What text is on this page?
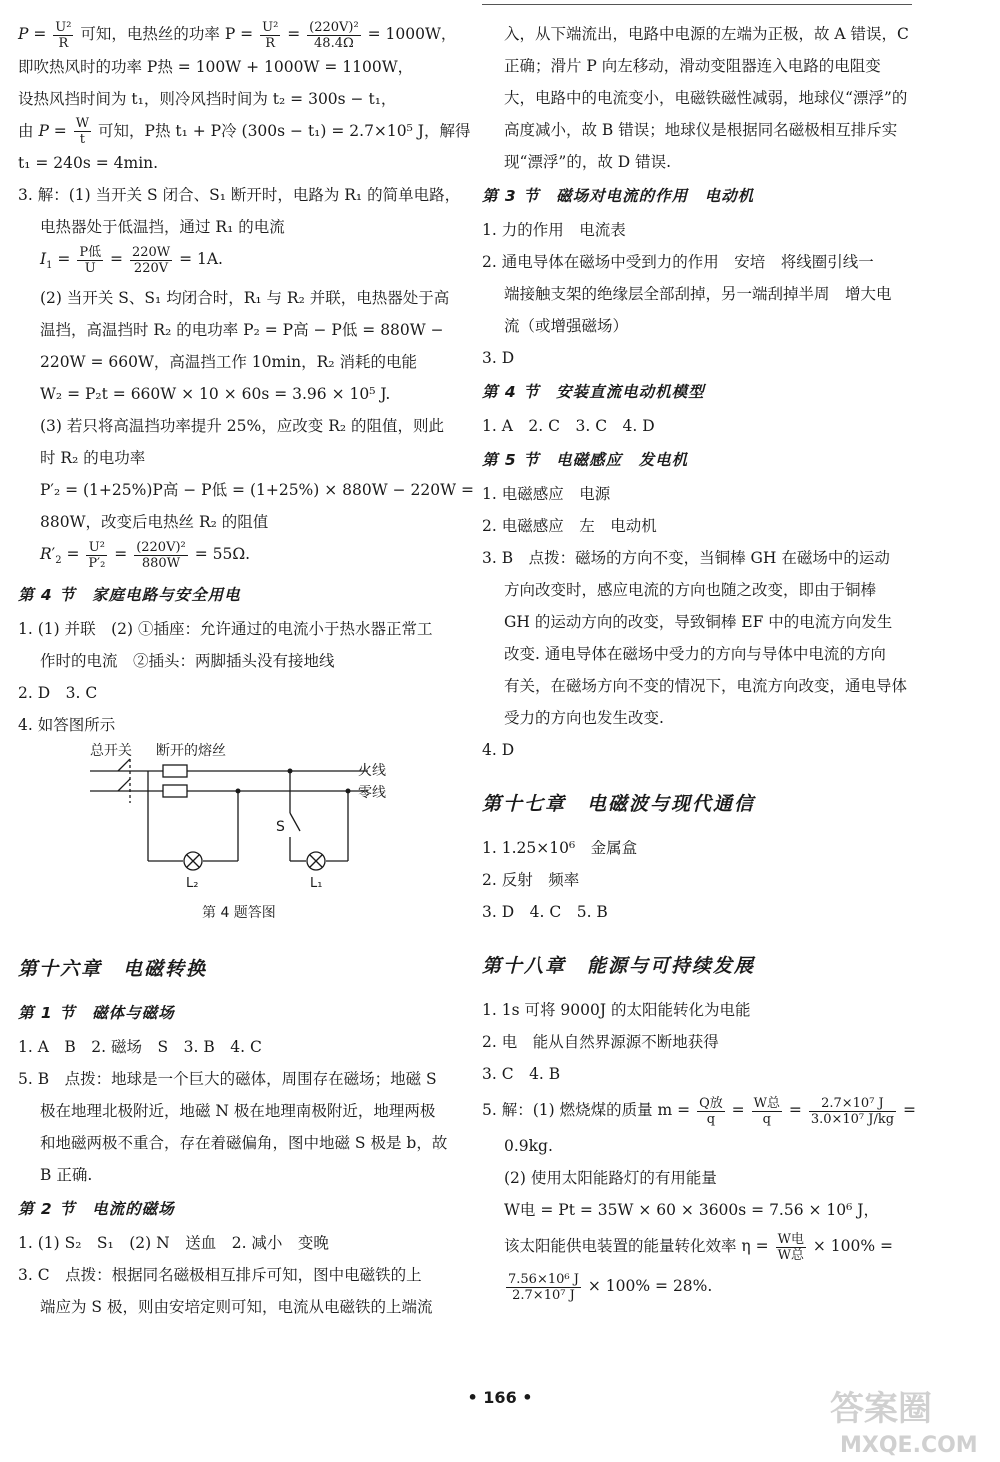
$P = \frac{\text{U²}}{R}$ 可知，电热丝的功率 $P = \frac{\text{U²}}{R} = \frac{\text{(220V)²}}{48.4\Omega} = 1000W$，
即吹热风时的功率 P热 = 100W + 1000W = 1100W，
设热风挡时间为 t₁，则冷风挡时间为 t₂ = 300s − t₁，
由 $P = \frac{W}{t}$ 可知，P热 t₁ + P冷 (300s − t₁) = 2.7×10⁵ J，解得
t₁ = 240s = 4min.
3. 解：(1) 当开关 S 闭合、S₁ 断开时，电路为 R₁ 的简单电路，
电热器处于低温挡，通过 R₁ 的电流
$I_1 = \frac{\text{P低}}{U} = \frac{220W}{220V} = 1A$.
(2) 当开关 S、S₁ 均闭合时，R₁ 与 R₂ 并联，电热器处于高
温挡，高温挡时 R₂ 的电功率 P₂ = P高 − P低 = 880W −
220W = 660W，高温挡工作 10min，R₂ 消耗的电能
W₂ = P₂t = 660W × 10 × 60s = 3.96 × 10⁵ J.
(3) 若只将高温挡功率提升 25%，应改变 R₂ 的阻值，则此
时 R₂ 的电功率
P′₂ = (1+25%)P高 − P低 = (1+25%) × 880W − 220W =
880W，改变后电热丝 R₂ 的阻值
$R'_2 = \frac{\text{U²}}{\text{P′₂}} = \frac{\text{(220V)²}}{880W} = 55\Omega$.
第 4 节　家庭电路与安全用电
1. (1) 并联　(2) ①插座：允许通过的电流小于热水器正常工
作时的电流　②插头：两脚插头没有接地线
2. D　3. C
4. 如答图所示
总开关 断开的熔丝
火线
零线
S
L₂	L₁
第 4 题答图
第十六章　电磁转换
第 1 节　磁体与磁场
1. A　B　2. 磁场　S　3. B　4. C
5. B　点拨：地球是一个巨大的磁体，周围存在磁场；地磁 S
极在地理北极附近，地磁 N 极在地理南极附近，地理两极
和地磁两极不重合，存在着磁偏角，图中地磁 S 极是 b，故
B 正确.
第 2 节　电流的磁场
1. (1) S₂　S₁　(2) N　送血　2. 减小　变晚
3. C　点拨：根据同名磁极相互排斥可知，图中电磁铁的上
端应为 S 极，则由安培定则可知，电流从电磁铁的上端流
入，从下端流出，电路中电源的左端为正极，故 A 错误，C
正确；滑片 P 向左移动，滑动变阻器连入电路的电阻变
大，电路中的电流变小，电磁铁磁性减弱，地球仪“漂浮”的
高度减小，故 B 错误；地球仪是根据同名磁极相互排斥实
现“漂浮”的，故 D 错误.
第 3 节　磁场对电流的作用　电动机
1. 力的作用　电流表
2. 通电导体在磁场中受到力的作用　安培　将线圈引线一
端接触支架的绝缘层全部刮掉，另一端刮掉半周　增大电
流（或增强磁场）
3. D
第 4 节　安装直流电动机模型
1. A　2. C　3. C　4. D
第 5 节　电磁感应　发电机
1. 电磁感应　电源
2. 电磁感应　左　电动机
3. B　点拨：磁场的方向不变，当铜棒 GH 在磁场中的运动
方向改变时，感应电流的方向也随之改变，即由于铜棒
GH 的运动方向的改变，导致铜棒 EF 中的电流方向发生
改变. 通电导体在磁场中受力的方向与导体中电流的方向
有关，在磁场方向不变的情况下，电流方向改变，通电导体
受力的方向也发生改变.
4. D
第十七章　电磁波与现代通信
1. 1.25×10⁶　金属盒
2. 反射　频率
3. D　4. C　5. B
第十八章　能源与可持续发展
1. 1s 可将 9000J 的太阳能转化为电能
2. 电　能从自然界源源不断地获得
3. C　4. B
5. 解：(1) 燃烧煤的质量 $m = \frac{\text{Q放}}{q} = \frac{\text{W总}}{q} = \frac{\text{2.7×10⁷ J}}{\text{3.0×10⁷ J/kg}}$ =
0.9kg.
(2) 使用太阳能路灯的有用能量
W电 = Pt = 35W × 60 × 3600s = 7.56 × 10⁶ J，
该太阳能供电装置的能量转化效率 $\eta = \frac{\text{W电}}{\text{W总}} \times 100\%$ =
$\frac{\text{7.56×10⁶ J}}{\text{2.7×10⁷ J}} \times 100\% = 28\%$.
• 166 •	答案圈
MXQE.COM
